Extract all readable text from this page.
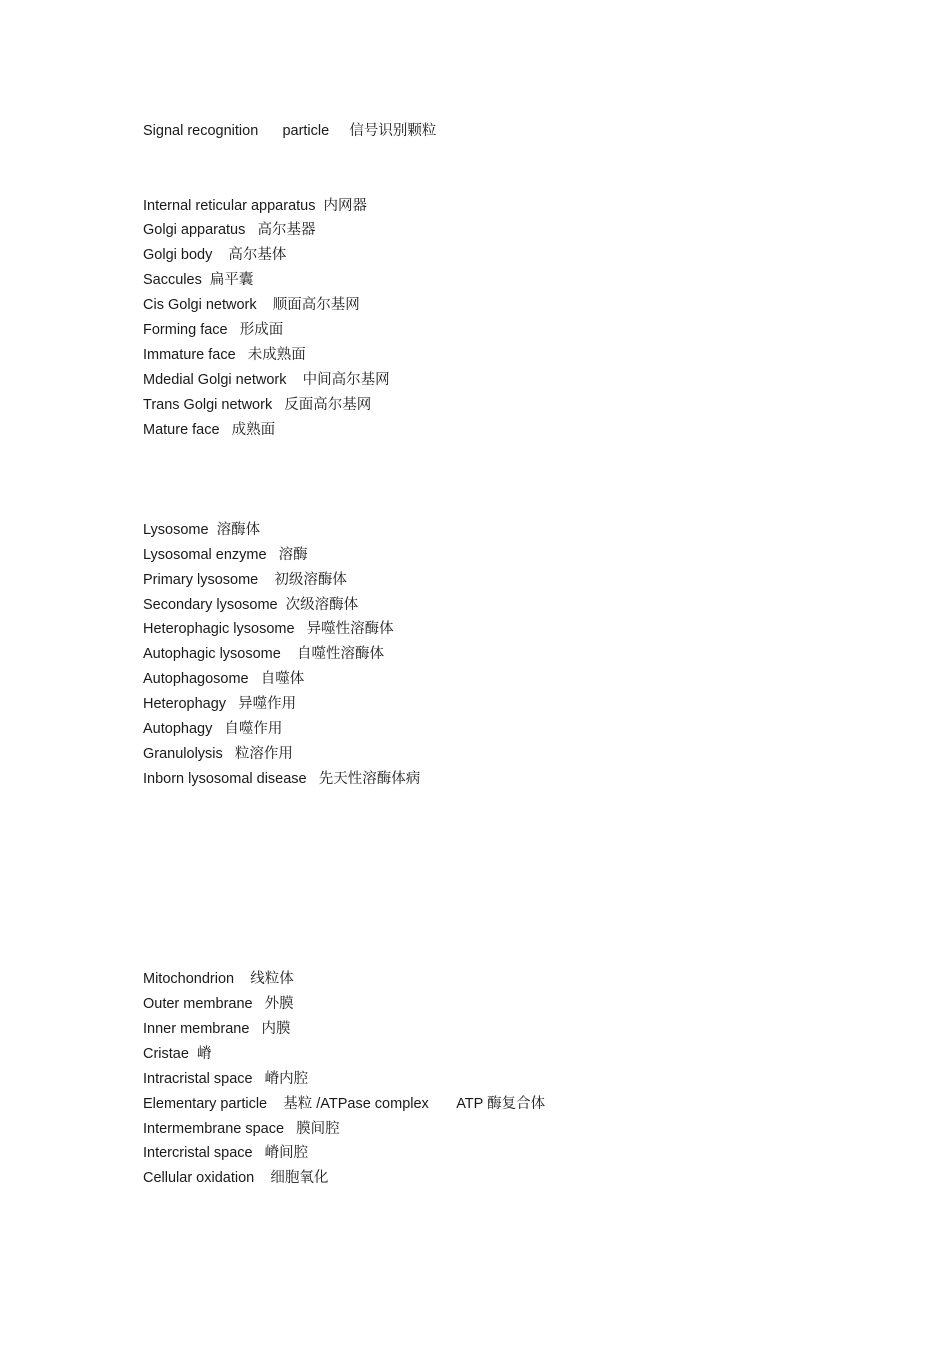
Signal recognition      particle     信号识别颗粒
Internal reticular apparatus  内网器
Golgi apparatus   高尔基器
Golgi body    高尔基体
Saccules  扁平囊
Cis Golgi network    顺面高尔基网
Forming face   形成面
Immature face   未成熟面
Mdedial Golgi network    中间高尔基网
Trans Golgi network   反面高尔基网
Mature face   成熟面
Lysosome  溶酶体
Lysosomal enzyme   溶酶
Primary lysosome    初级溶酶体
Secondary lysosome  次级溶酶体
Heterophagic lysosome   异噬性溶酶体
Autophagic lysosome    自噬性溶酶体
Autophagosome   自噬体
Heterophagy   异噬作用
Autophagy   自噬作用
Granulolysis   粒溶作用
Inborn lysosomal disease   先天性溶酶体病
Mitochondrion    线粒体
Outer membrane   外膜
Inner membrane   内膜
Cristae  嵴
Intracristal space   嵴内腔
Elementary particle    基粒 /ATPase complex       ATP 酶复合体
Intermembrane space   膜间腔
Intercristal space   嵴间腔
Cellular oxidation    细胞氧化
